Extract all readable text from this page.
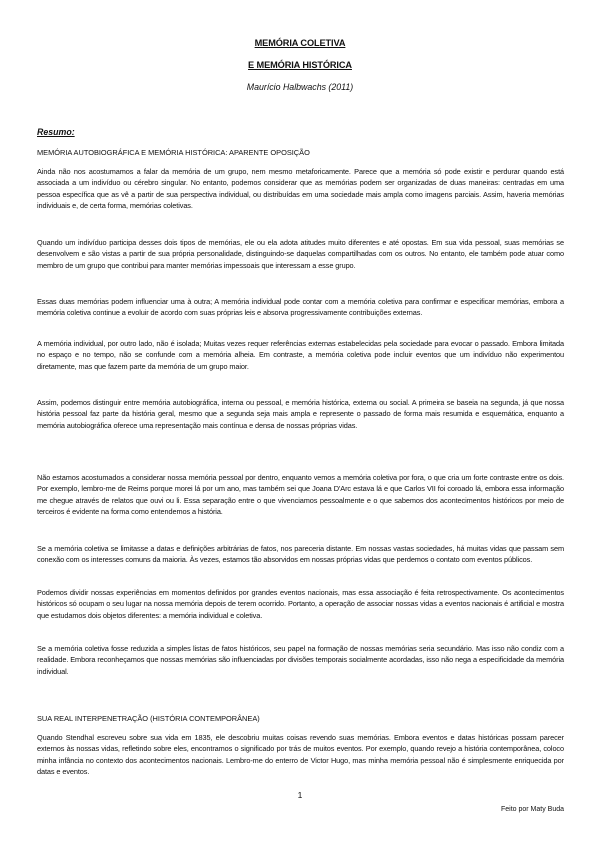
MEMÓRIA COLETIVA
E MEMÓRIA HISTÓRICA
Maurício Halbwachs (2011)
Resumo:
MEMÓRIA AUTOBIOGRÁFICA E MEMÓRIA HISTÓRICA: APARENTE OPOSIÇÃO
Ainda não nos acostumamos a falar da memória de um grupo, nem mesmo metaforicamente. Parece que a memória só pode existir e perdurar quando está associada a um indivíduo ou cérebro singular. No entanto, podemos considerar que as memórias podem ser organizadas de duas maneiras: centradas em uma pessoa específica que as vê a partir de sua perspectiva individual, ou distribuídas em uma sociedade mais ampla como imagens parciais. Assim, haveria memórias individuais e, de certa forma, memórias coletivas.
Quando um indivíduo participa desses dois tipos de memórias, ele ou ela adota atitudes muito diferentes e até opostas. Em sua vida pessoal, suas memórias se desenvolvem e são vistas a partir de sua própria personalidade, distinguindo-se daquelas compartilhadas com os outros. No entanto, ele também pode atuar como membro de um grupo que contribui para manter memórias impessoais que interessam a esse grupo.
Essas duas memórias podem influenciar uma à outra; A memória individual pode contar com a memória coletiva para confirmar e especificar memórias, embora a memória coletiva continue a evoluir de acordo com suas próprias leis e absorva progressivamente contribuições externas.
A memória individual, por outro lado, não é isolada; Muitas vezes requer referências externas estabelecidas pela sociedade para evocar o passado. Embora limitada no espaço e no tempo, não se confunde com a memória alheia. Em contraste, a memória coletiva pode incluir eventos que um indivíduo não experimentou diretamente, mas que fazem parte da memória de um grupo maior.
Assim, podemos distinguir entre memória autobiográfica, interna ou pessoal, e memória histórica, externa ou social. A primeira se baseia na segunda, já que nossa história pessoal faz parte da história geral, mesmo que a segunda seja mais ampla e represente o passado de forma mais resumida e esquemática, enquanto a memória autobiográfica oferece uma representação mais contínua e densa de nossas próprias vidas.
Não estamos acostumados a considerar nossa memória pessoal por dentro, enquanto vemos a memória coletiva por fora, o que cria um forte contraste entre os dois. Por exemplo, lembro-me de Reims porque morei lá por um ano, mas também sei que Joana D'Arc estava lá e que Carlos VII foi coroado lá, embora essa informação me chegue através de relatos que ouvi ou li. Essa separação entre o que vivenciamos pessoalmente e o que sabemos dos acontecimentos históricos por meio de terceiros é evidente na forma como entendemos a história.
Se a memória coletiva se limitasse a datas e definições arbitrárias de fatos, nos pareceria distante. Em nossas vastas sociedades, há muitas vidas que passam sem conexão com os interesses comuns da maioria. Às vezes, estamos tão absorvidos em nossas próprias vidas que perdemos o contato com eventos públicos.
Podemos dividir nossas experiências em momentos definidos por grandes eventos nacionais, mas essa associação é feita retrospectivamente. Os acontecimentos históricos só ocupam o seu lugar na nossa memória depois de terem ocorrido. Portanto, a operação de associar nossas vidas a eventos nacionais é artificial e mostra que estudamos dois objetos diferentes: a memória individual e coletiva.
Se a memória coletiva fosse reduzida a simples listas de fatos históricos, seu papel na formação de nossas memórias seria secundário. Mas isso não condiz com a realidade. Embora reconheçamos que nossas memórias são influenciadas por divisões temporais socialmente acordadas, isso não nega a especificidade da memória individual.
SUA REAL INTERPENETRAÇÃO (HISTÓRIA CONTEMPORÂNEA)
Quando Stendhal escreveu sobre sua vida em 1835, ele descobriu muitas coisas revendo suas memórias. Embora eventos e datas históricas possam parecer externos às nossas vidas, refletindo sobre eles, encontramos o significado por trás de muitos eventos. Por exemplo, quando revejo a história contemporânea, coloco minha infância no contexto dos acontecimentos nacionais. Lembro-me do enterro de Victor Hugo, mas minha memória pessoal não é simplesmente enriquecida por datas e eventos.
1
Feito por Maty Buda
